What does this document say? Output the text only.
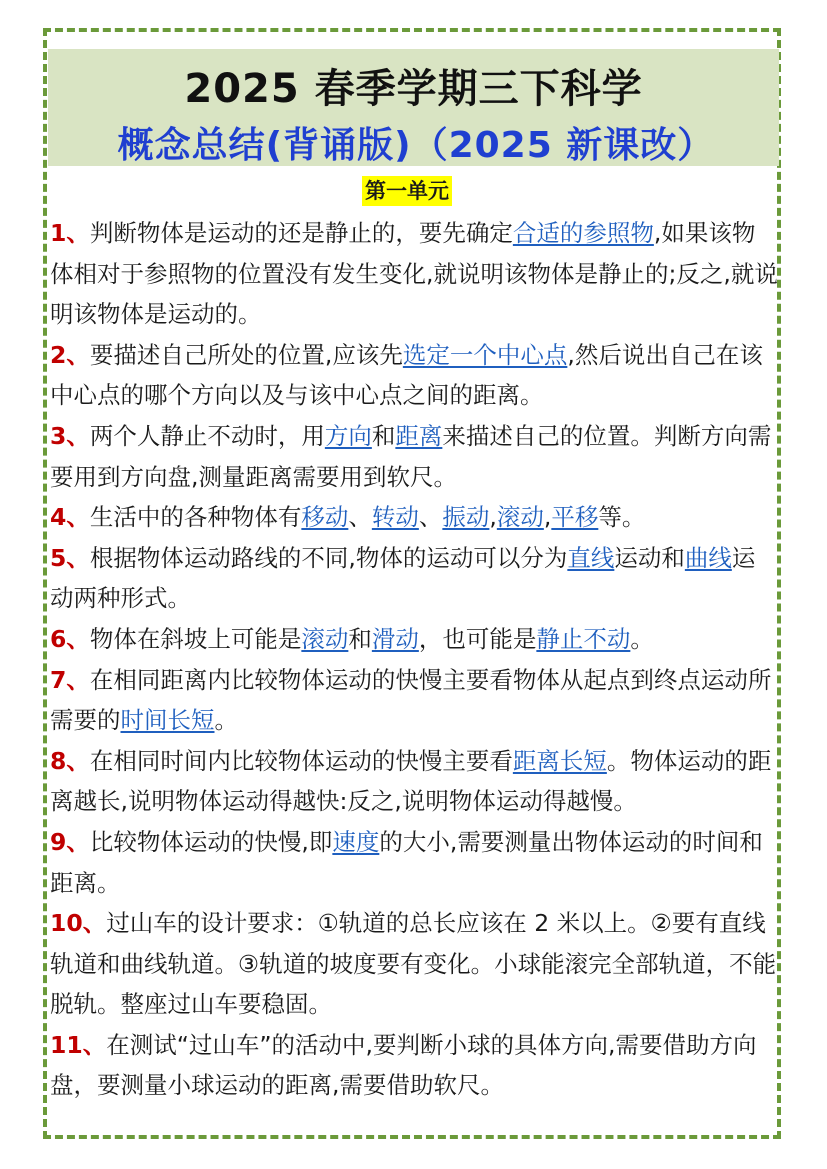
2025 春季学期三下科学
概念总结(背诵版)（2025 新课改）
第一单元

1、判断物体是运动的还是静止的，要先确定合适的参照物,如果该物体相对于参照物的位置没有发生变化,就说明该物体是静止的;反之,就说明该物体是运动的。

2、要描述自己所处的位置,应该先选定一个中心点,然后说出自己在该中心点的哪个方向以及与该中心点之间的距离。

3、两个人静止不动时，用方向和距离来描述自己的位置。判断方向需要用到方向盘,测量距离需要用到软尺。

4、生活中的各种物体有移动、转动、振动,滚动,平移等。

5、根据物体运动路线的不同,物体的运动可以分为直线运动和曲线运动两种形式。

6、物体在斜坡上可能是滚动和滑动，也可能是静止不动。

7、在相同距离内比较物体运动的快慢主要看物体从起点到终点运动所需要的时间长短。

8、在相同时间内比较物体运动的快慢主要看距离长短。物体运动的距离越长,说明物体运动得越快:反之,说明物体运动得越慢。

9、比较物体运动的快慢,即速度的大小,需要测量出物体运动的时间和距离。

10、过山车的设计要求：①轨道的总长应该在 2 米以上。②要有直线轨道和曲线轨道。③轨道的坡度要有变化。小球能滚完全部轨道，不能脱轨。整座过山车要稳固。

11、在测试“过山车”的活动中,要判断小球的具体方向,需要借助方向盘，要测量小球运动的距离,需要借助软尺。
